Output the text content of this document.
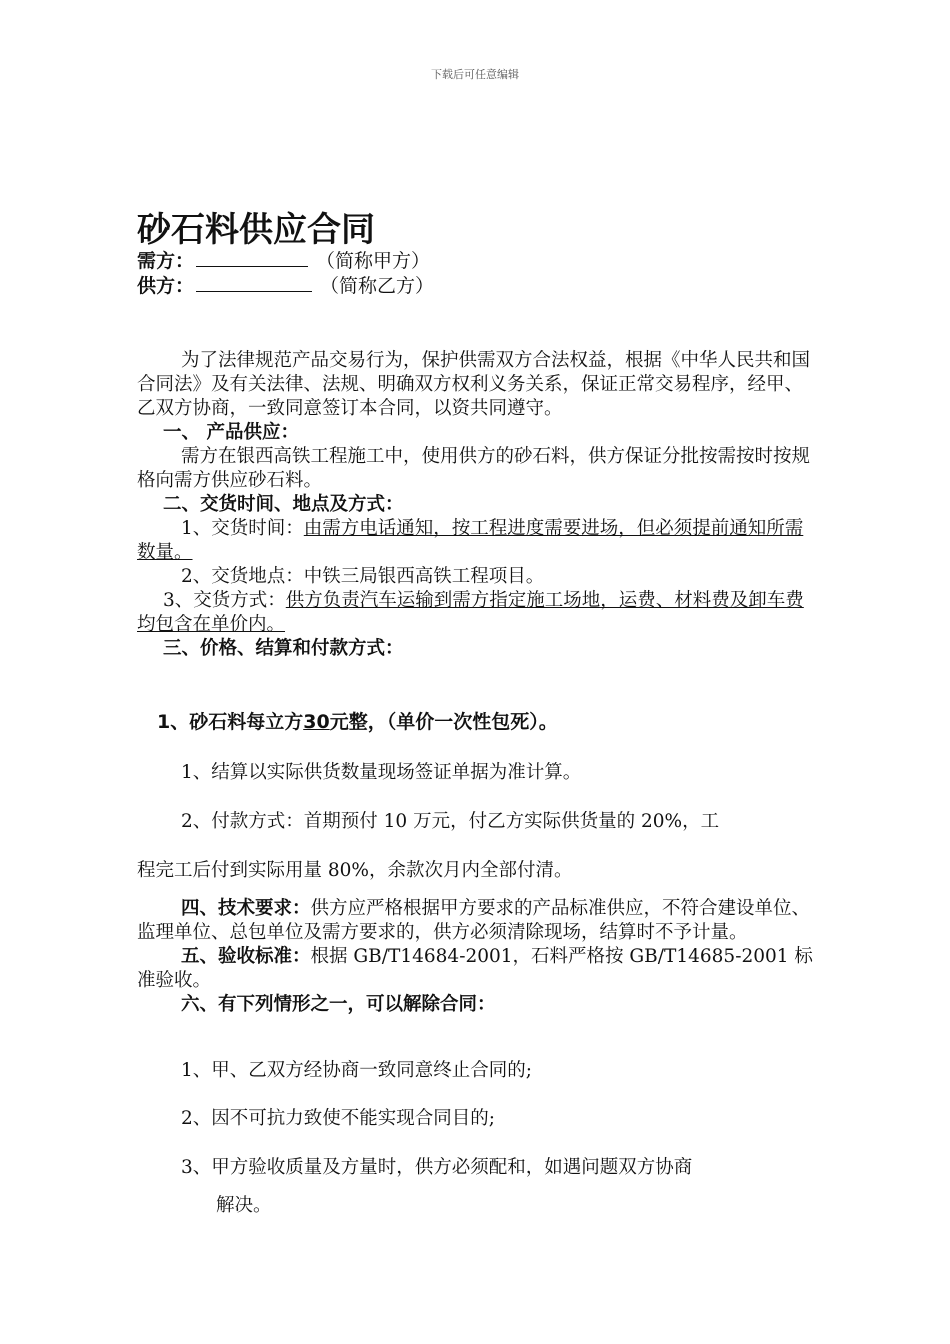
下载后可任意编辑
砂石料供应合同
需方：	（简称甲方）
供方：	（简称乙方）

为了法律规范产品交易行为，保护供需双方合法权益，根据《中华人民共和国合同法》及有关法律、法规、明确双方权利义务关系，保证正常交易程序，经甲、乙双方协商，一致同意签订本合同，以资共同遵守。

一、 产品供应：

需方在银西高铁工程施工中，使用供方的砂石料，供方保证分批按需按时按规格向需方供应砂石料。

二、交货时间、地点及方式：

1、交货时间：由需方电话通知，按工程进度需要进场，但必须提前通知所需数量。

2、交货地点：中铁三局银西高铁工程项目。

3、交货方式：供方负责汽车运输到需方指定施工场地，运费、材料费及卸车费均包含在单价内。

三、价格、结算和付款方式：

1、砂石料每立方30元整，（单价一次性包死）。
1、结算以实际供货数量现场签证单据为准计算。
2、付款方式：首期预付 10 万元，付乙方实际供货量的 20%，工
程完工后付到实际用量 80%，余款次月内全部付清。

四、技术要求：供方应严格根据甲方要求的产品标准供应，不符合建设单位、监理单位、总包单位及需方要求的，供方必须清除现场，结算时不予计量。

五、验收标准：根据 GB/T14684-2001，石料严格按 GB/T14685-2001 标准验收。

六、有下列情形之一，可以解除合同：

1、甲、乙双方经协商一致同意终止合同的;
2、因不可抗力致使不能实现合同目的;
3、甲方验收质量及方量时，供方必须配和，如遇问题双方协商
解决。
